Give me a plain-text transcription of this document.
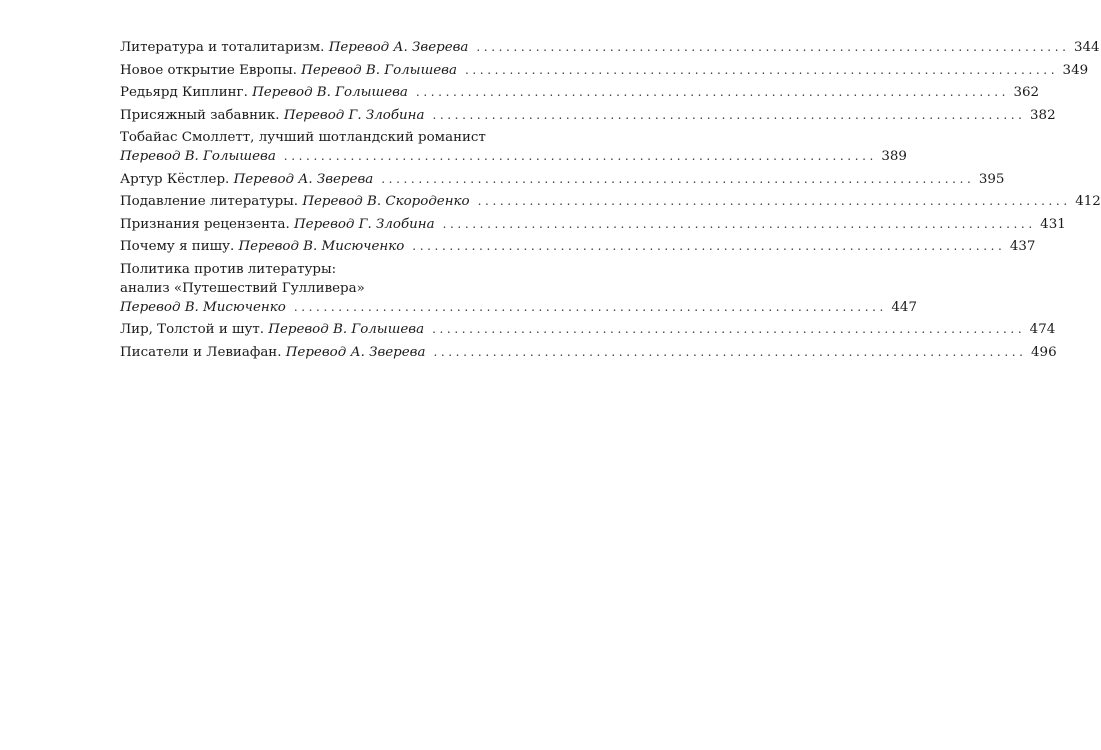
Литература и тоталитаризм. Перевод А. Зверева ................................................................................ 344
Новое открытие Европы. Перевод В. Голышева ................................................................................ 349
Редьярд Киплинг. Перевод В. Голышева ................................................................................ 362
Присяжный забавник. Перевод Г. Злобина ................................................................................ 382
Тобайас Смоллетт, лучший шотландский романист
Перевод В. Голышева ................................................................................ 389
Артур Кёстлер. Перевод А. Зверева ................................................................................ 395
Подавление литературы. Перевод В. Скороденко ................................................................................ 412
Признания рецензента. Перевод Г. Злобина ................................................................................ 431
Почему я пишу. Перевод В. Мисюченко ................................................................................ 437
Политика против литературы:
анализ «Путешествий Гулливера»
Перевод В. Мисюченко ................................................................................ 447
Лир, Толстой и шут. Перевод В. Голышева ................................................................................ 474
Писатели и Левиафан. Перевод А. Зверева ................................................................................ 496
